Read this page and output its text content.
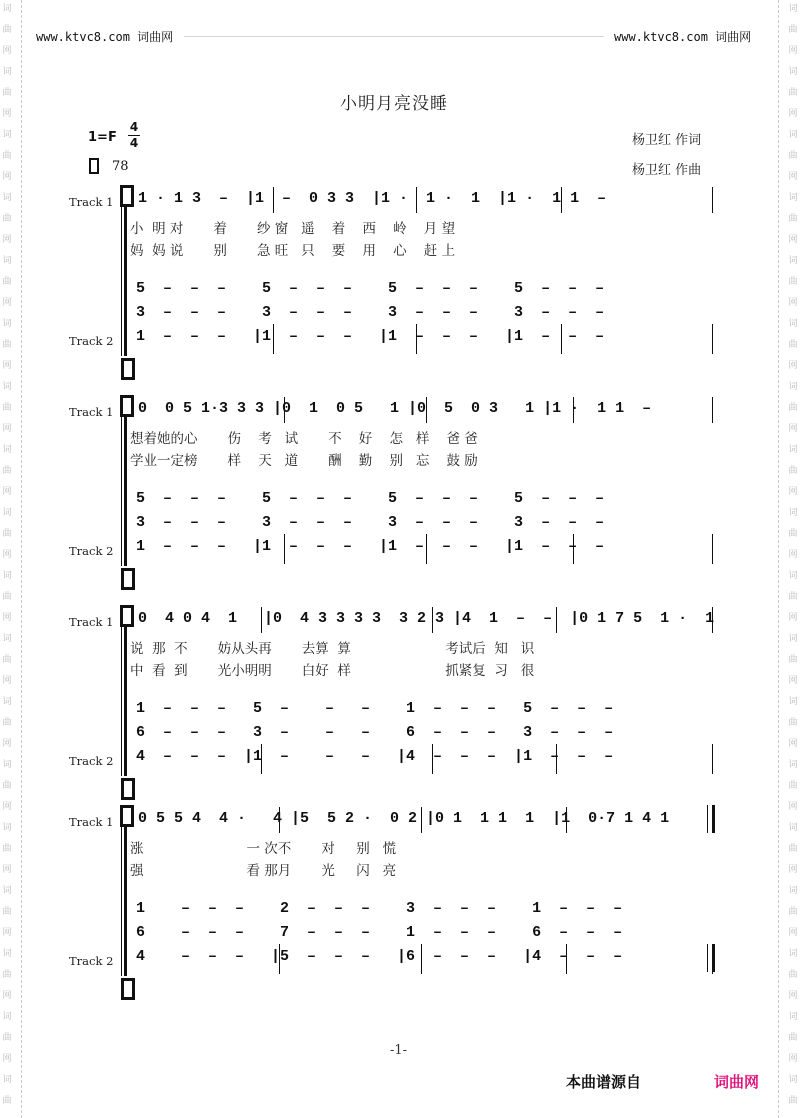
词
曲
网
词
曲
网
词
曲
网
词
曲
网
词
曲
网
词
曲
网
词
曲
网
词
曲
网
词
曲
网
词
曲
网
词
曲
网
词
曲
网
词
曲
网
词
曲
网
词
曲
网
词
曲
网
词
曲
网
词
曲
词
曲
网
词
曲
网
词
曲
网
词
曲
网
词
曲
网
词
曲
网
词
曲
网
词
曲
网
词
曲
网
词
曲
网
词
曲
网
词
曲
网
词
曲
网
词
曲
网
词
曲
网
词
曲
网
词
曲
网
词
曲
www.ktvc8.com 词曲网	www.ktvc8.com 词曲网
小明月亮没睡
1=F
4
4
78
杨卫红 作词
杨卫红 作曲
Track 1 1 · 1 3  –  |1  –  0 3 3  |1 ·  1 ·  1  |1 ·  1 1  –
小  明 对       着       纱 窗   遥    着    西    岭    月 望
妈  妈 说       别       急 旺   只    要    用    心    赶 上
5  –  –  –    5  –  –  –    5  –  –  –    5  –  –  –
3  –  –  –    3  –  –  –    3  –  –  –    3  –  –  –
1  –  –  –   |1  –  –  –   |1  –  –  –   |1  –  –  –
Track 2
Track 1 0  0 5 1·3 3 3 |0  1  0 5   1 |0  5  0 3   1 |1 ·  1 1  –
想着她的心       伤    考   试       不    好    怎   样    爸 爸
学业一定榜       样    天   道       酬    勤    别   忘    鼓 励
5  –  –  –    5  –  –  –    5  –  –  –    5  –  –  –
3  –  –  –    3  –  –  –    3  –  –  –    3  –  –  –
1  –  –  –   |1  –  –  –   |1  –  –  –   |1  –  –  –
Track 2
Track 1 0  4 0 4  1   |0  4 3 3 3 3  3 2 3 |4  1  –  –  |0 1 7 5  1 ·  1
说  那  不       妨从头再       去算  算                      考试后  知   识
中  看  到       光小明明       白好  样                      抓紧复  习   很
1  –  –  –   5  –    –   –    1  –  –  –   5  –  –  –
6  –  –  –   3  –    –   –    6  –  –  –   3  –  –  –
4  –  –  –  |1  –    –   –   |4  –  –  –  |1  –  –  –
Track 2
Track 1 0 5 5 4  4 ·   4 |5  5 2 ·  0 2 |0 1  1 1  1  |1  0·7 1 4 1
涨                        一 次不       对     别   慌
强                        看 那月       光     闪   亮
1    –  –  –    2  –  –  –    3  –  –  –    1  –  –  –
6    –  –  –    7  –  –  –    1  –  –  –    6  –  –  –
4    –  –  –   |5  –  –  –   |6  –  –  –   |4  –  –  –
Track 2
-1-
本曲谱源自	词曲网
